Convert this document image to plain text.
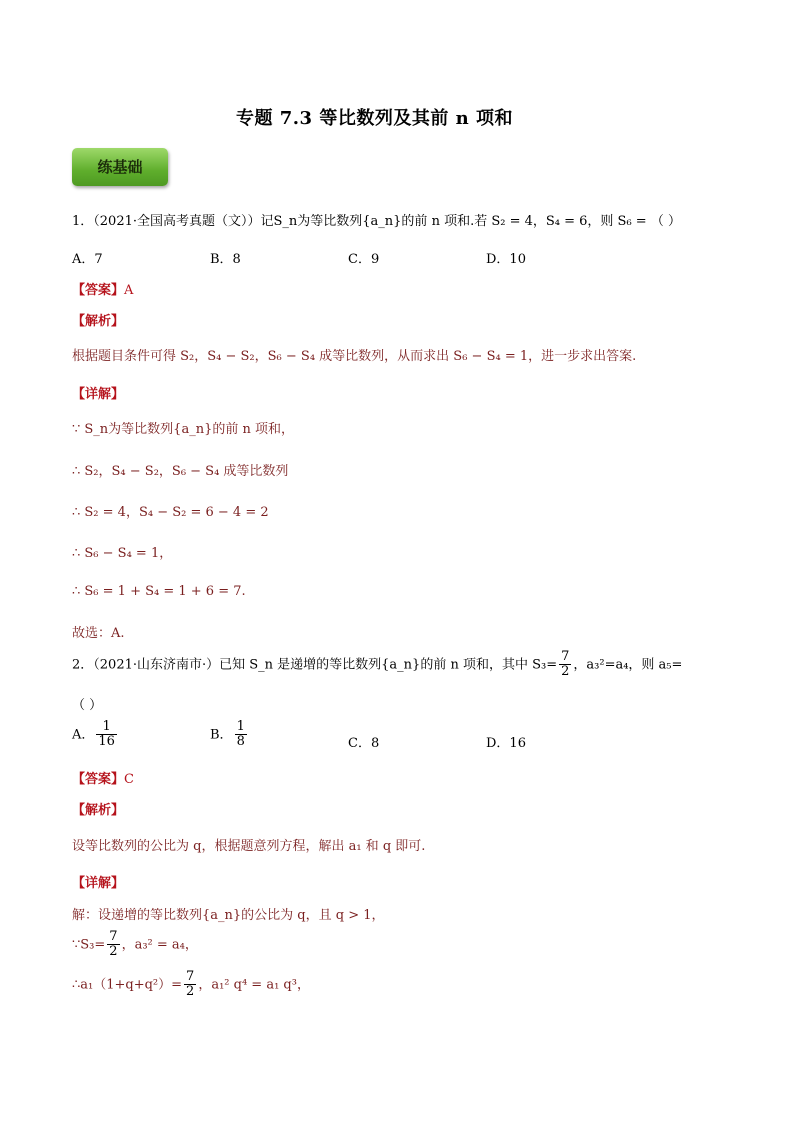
专题 7.3 等比数列及其前 n 项和
练基础
1．（2021·全国高考真题（文））记S_n为等比数列{a_n}的前 n 项和.若 S₂ = 4，S₄ = 6，则 S₆ = （ ）
A．7	B．8	C．9	D．10
【答案】A
【解析】
根据题目条件可得 S₂，S₄ − S₂，S₆ − S₄ 成等比数列，从而求出 S₆ − S₄ = 1，进一步求出答案.
【详解】
∵ S_n为等比数列{a_n}的前 n 项和，
∴ S₂，S₄ − S₂，S₆ − S₄ 成等比数列
∴ S₂ = 4，S₄ − S₂ = 6 − 4 = 2
∴ S₆ − S₄ = 1，
∴ S₆ = 1 + S₄ = 1 + 6 = 7.
故选：A.
2．（2021·山东济南市·）已知 S_n 是递增的等比数列{a_n}的前 n 项和，其中 $S_3= \frac{7}{2}$ ，a₃²=a₄，则 a₅=
（ ）
A． $\frac{1}{16}$	B． $\frac{1}{8}$	C．8	D．16
【答案】C
【解析】
设等比数列的公比为 q，根据题意列方程，解出 a₁ 和 q 即可.
【详解】
解：设递增的等比数列{a_n}的公比为 q，且 q > 1，
∵S₃= $\frac{7}{2}$ ，a₃² = a₄，
∴a₁（1+q+q²）= $\frac{7}{2}$ ，a₁² q⁴ = a₁ q³，
